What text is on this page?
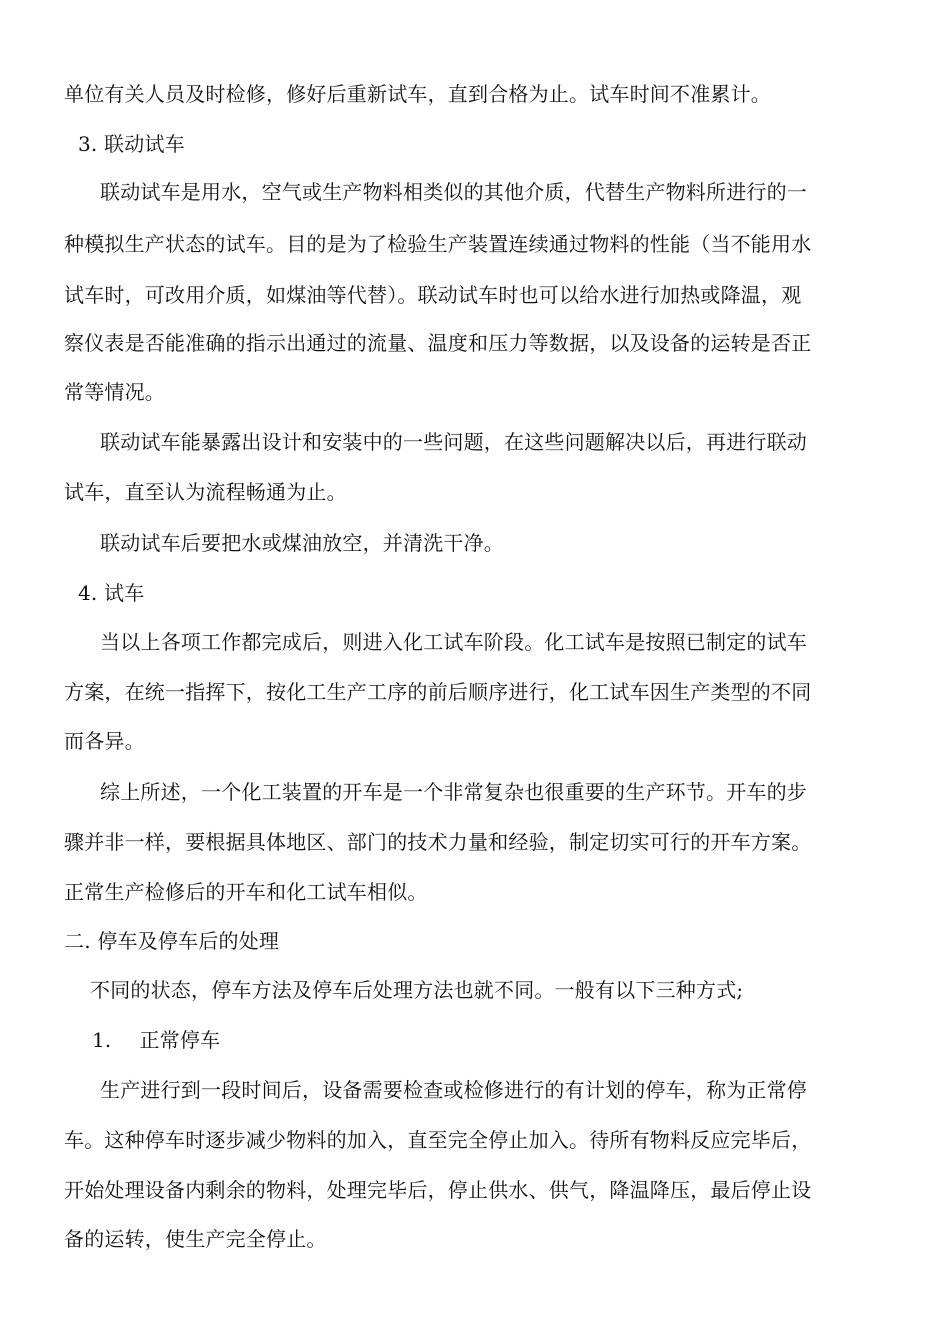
单位有关人员及时检修，修好后重新试车，直到合格为止。试车时间不准累计。
3. 联动试车
联动试车是用水，空气或生产物料相类似的其他介质，代替生产物料所进行的一
种模拟生产状态的试车。目的是为了检验生产装置连续通过物料的性能（当不能用水
试车时，可改用介质，如煤油等代替）。联动试车时也可以给水进行加热或降温，观
察仪表是否能准确的指示出通过的流量、温度和压力等数据，以及设备的运转是否正
常等情况。
联动试车能暴露出设计和安装中的一些问题，在这些问题解决以后，再进行联动
试车，直至认为流程畅通为止。
联动试车后要把水或煤油放空，并清洗干净。
4. 试车
当以上各项工作都完成后，则进入化工试车阶段。化工试车是按照已制定的试车
方案，在统一指挥下，按化工生产工序的前后顺序进行，化工试车因生产类型的不同
而各异。
综上所述，一个化工装置的开车是一个非常复杂也很重要的生产环节。开车的步
骤并非一样，要根据具体地区、部门的技术力量和经验，制定切实可行的开车方案。
正常生产检修后的开车和化工试车相似。
二. 停车及停车后的处理
不同的状态，停车方法及停车后处理方法也就不同。一般有以下三种方式;
1. 正常停车
生产进行到一段时间后，设备需要检查或检修进行的有计划的停车，称为正常停
车。这种停车时逐步减少物料的加入，直至完全停止加入。待所有物料反应完毕后，
开始处理设备内剩余的物料，处理完毕后，停止供水、供气，降温降压，最后停止设
备的运转，使生产完全停止。
